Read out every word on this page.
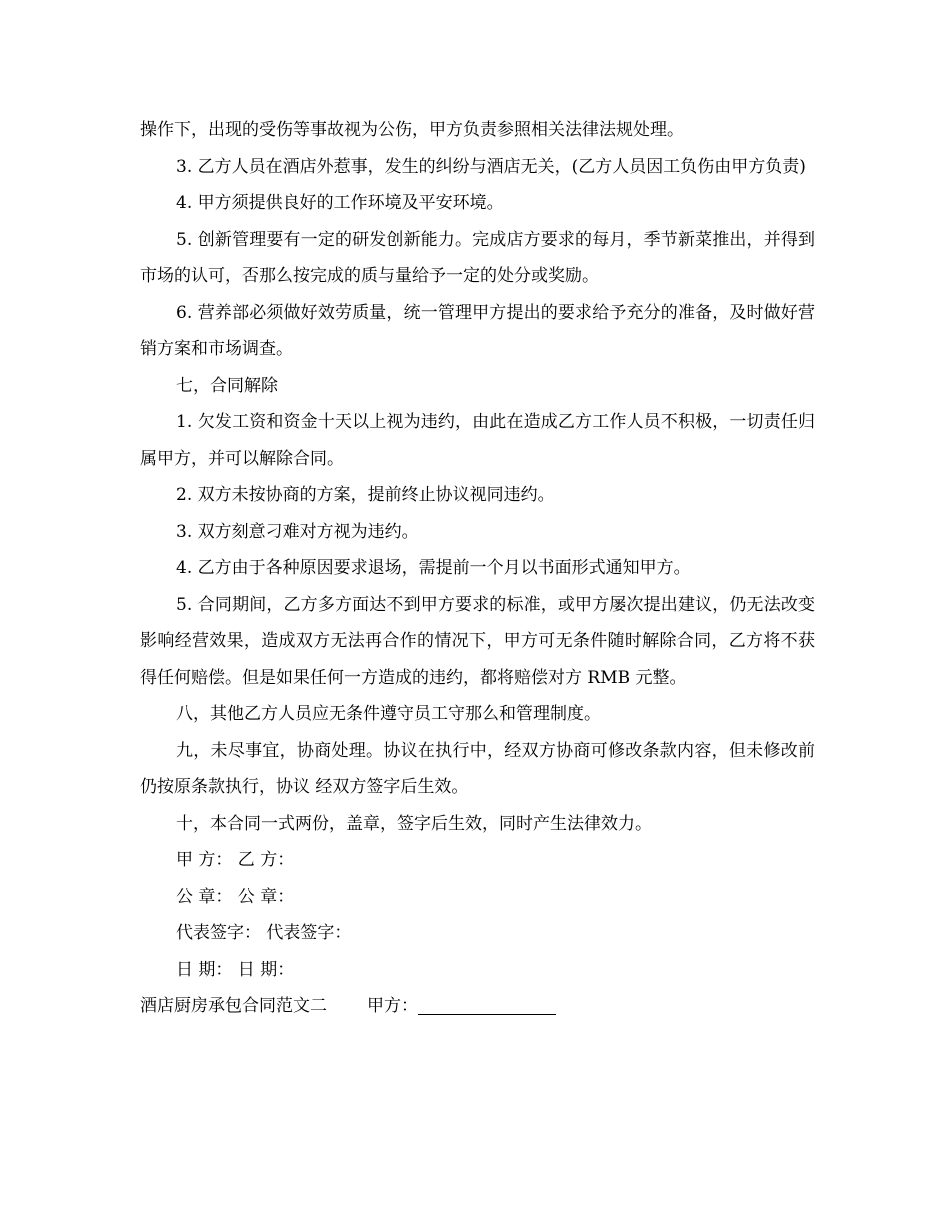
操作下，出现的受伤等事故视为公伤，甲方负责参照相关法律法规处理。

3. 乙方人员在酒店外惹事，发生的纠纷与酒店无关，(乙方人员因工负伤由甲方负责)

4. 甲方须提供良好的工作环境及平安环境。

5. 创新管理要有一定的研发创新能力。完成店方要求的每月，季节新菜推出，并得到市场的认可，否那么按完成的质与量给予一定的处分或奖励。

6. 营养部必须做好效劳质量，统一管理甲方提出的要求给予充分的准备，及时做好营销方案和市场调查。

七，合同解除

1. 欠发工资和资金十天以上视为违约，由此在造成乙方工作人员不积极，一切责任归属甲方，并可以解除合同。

2. 双方未按协商的方案，提前终止协议视同违约。

3. 双方刻意刁难对方视为违约。

4. 乙方由于各种原因要求退场，需提前一个月以书面形式通知甲方。

5. 合同期间，乙方多方面达不到甲方要求的标准，或甲方屡次提出建议，仍无法改变影响经营效果，造成双方无法再合作的情况下，甲方可无条件随时解除合同，乙方将不获得任何赔偿。但是如果任何一方造成的违约，都将赔偿对方 RMB 元整。

八，其他乙方人员应无条件遵守员工守那么和管理制度。

九，未尽事宜，协商处理。协议在执行中，经双方协商可修改条款内容，但未修改前仍按原条款执行，协议 经双方签字后生效。

十，本合同一式两份，盖章，签字后生效，同时产生法律效力。

甲 方： 乙 方：

公 章： 公 章：

代表签字： 代表签字：

日 期： 日 期：

酒店厨房承包合同范文二 甲方：
